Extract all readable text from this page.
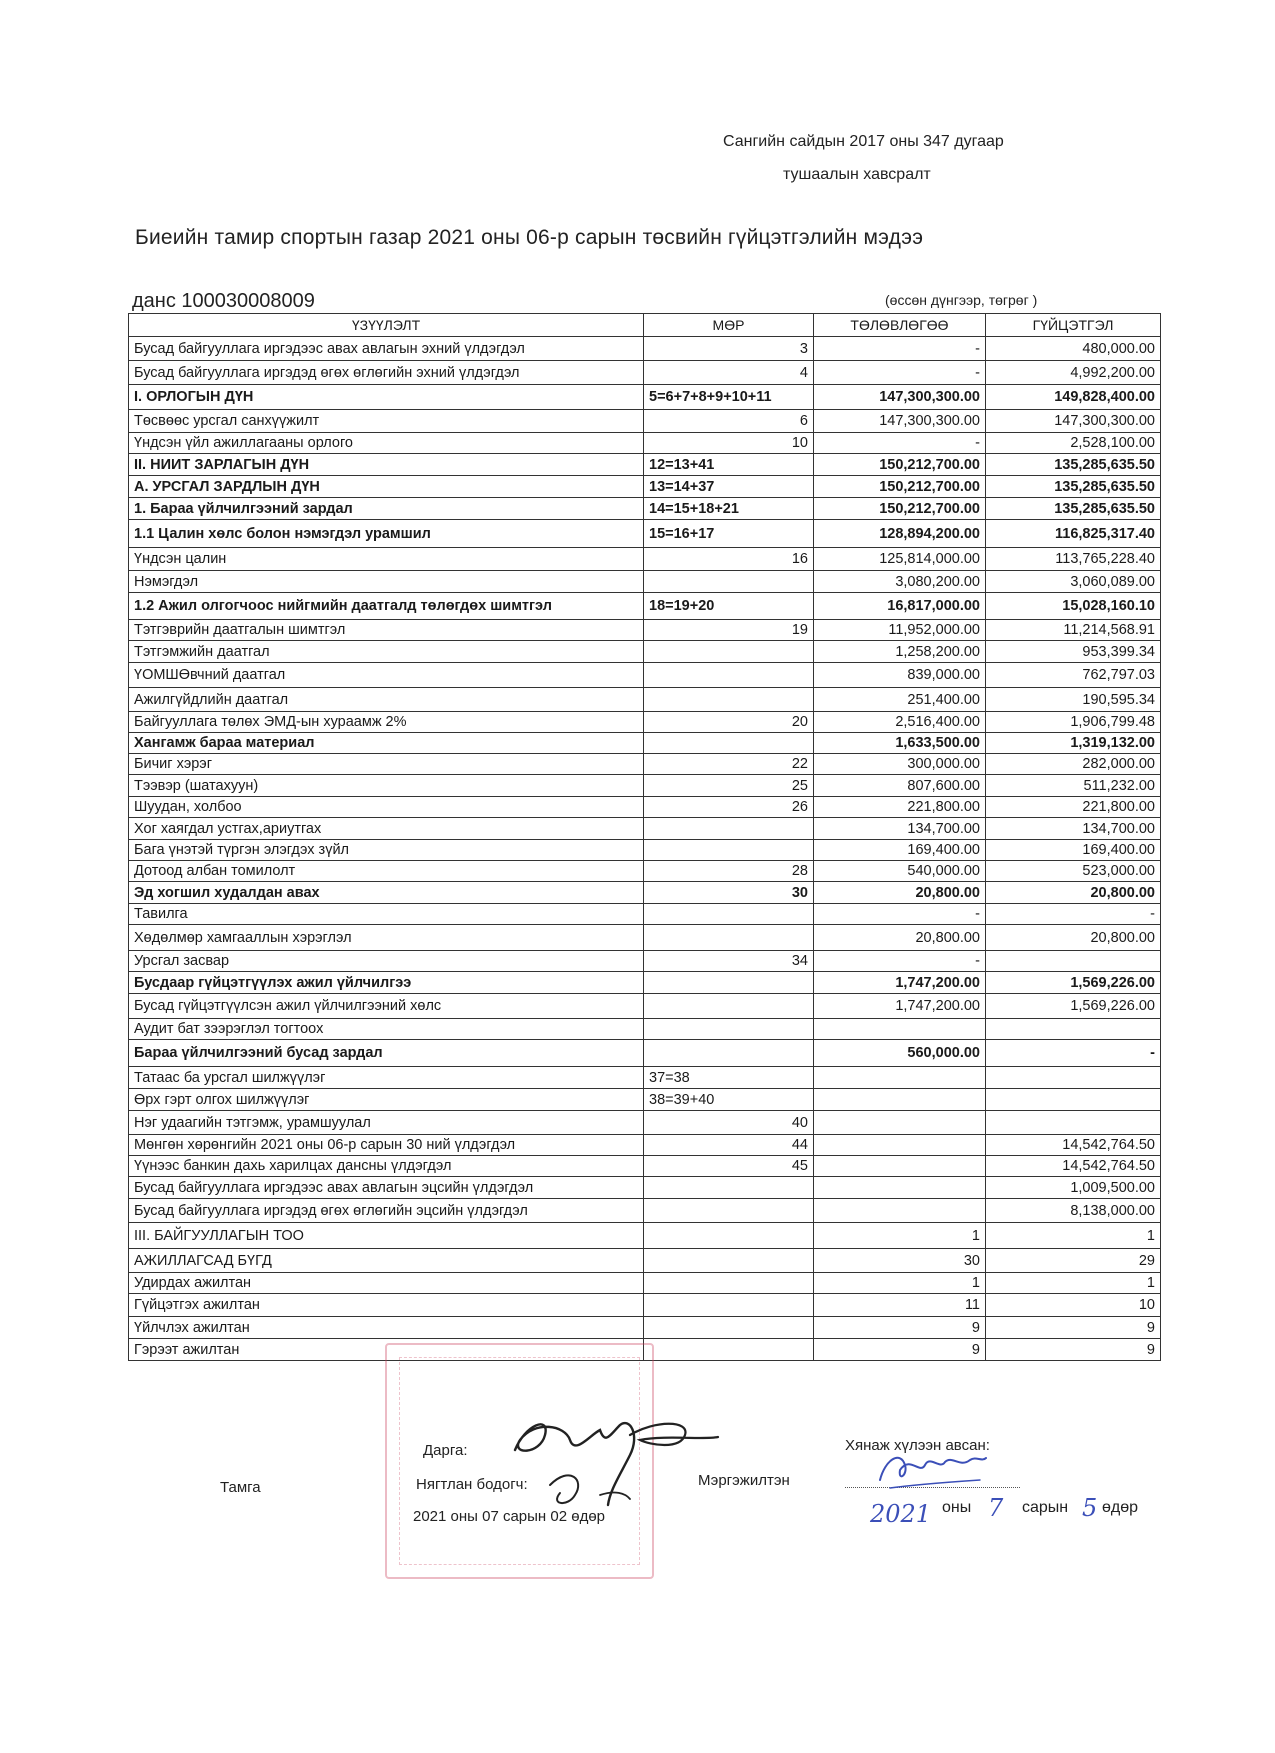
Сангийн сайдын 2017 оны 347 дугаар
тушаалын хавсралт
Биеийн тамир спортын газар 2021 оны 06-р сарын төсвийн гүйцэтгэлийн мэдээ
данс 100030008009	(өссөн дүнгээр, төгрөг )
ҮЗҮҮЛЭЛТ	МӨР	ТӨЛӨВЛӨГӨӨ	ГҮЙЦЭТГЭЛ
Бусад байгууллага иргэдээс авах авлагын эхний үлдэгдэл	3	-	480,000.00
Бусад байгууллага иргэдэд өгөх өглөгийн эхний үлдэгдэл	4	-	4,992,200.00
I. ОРЛОГЫН ДҮН	5=6+7+8+9+10+11	147,300,300.00	149,828,400.00
Төсвөөс урсгал санхүүжилт	6	147,300,300.00	147,300,300.00
Үндсэн үйл ажиллагааны орлого	10	-	2,528,100.00
II. НИИТ ЗАРЛАГЫН ДҮН	12=13+41	150,212,700.00	135,285,635.50
А. УРСГАЛ ЗАРДЛЫН ДҮН	13=14+37	150,212,700.00	135,285,635.50
1. Бараа үйлчилгээний зардал	14=15+18+21	150,212,700.00	135,285,635.50
1.1 Цалин хөлс болон нэмэгдэл урамшил	15=16+17	128,894,200.00	116,825,317.40
Үндсэн цалин	16	125,814,000.00	113,765,228.40
Нэмэгдэл		3,080,200.00	3,060,089.00
1.2 Ажил олгогчоос нийгмийн даатгалд төлөгдөх шимтгэл	18=19+20	16,817,000.00	15,028,160.10
Тэтгэврийн даатгалын шимтгэл	19	11,952,000.00	11,214,568.91
Тэтгэмжийн даатгал		1,258,200.00	953,399.34
ҮОМШӨвчний даатгал		839,000.00	762,797.03
Ажилгүйдлийн даатгал		251,400.00	190,595.34
Байгууллага төлөх ЭМД-ын хураамж 2%	20	2,516,400.00	1,906,799.48
Хангамж бараа материал		1,633,500.00	1,319,132.00
Бичиг хэрэг	22	300,000.00	282,000.00
Тээвэр (шатахуун)	25	807,600.00	511,232.00
Шуудан, холбоо	26	221,800.00	221,800.00
Хог хаягдал устгах,ариутгах		134,700.00	134,700.00
Бага үнэтэй түргэн элэгдэх зүйл		169,400.00	169,400.00
Дотоод албан томилолт	28	540,000.00	523,000.00
Эд хогшил худалдан авах	30	20,800.00	20,800.00
Тавилга		-	-
Хөдөлмөр хамгааллын хэрэглэл		20,800.00	20,800.00
Урсгал засвар	34	-	
Бусдаар гүйцэтгүүлэх ажил үйлчилгээ		1,747,200.00	1,569,226.00
Бусад гүйцэтгүүлсэн ажил үйлчилгээний хөлс		1,747,200.00	1,569,226.00
Аудит бат зээрэглэл тогтоох			
Бараа үйлчилгээний бусад зардал		560,000.00	-
Татаас ба урсгал шилжүүлэг	37=38		
Өрх гэрт олгох шилжүүлэг	38=39+40		
Нэг удаагийн тэтгэмж, урамшуулал	40		
Мөнгөн хөрөнгийн 2021 оны 06-р сарын 30 ний үлдэгдэл	44		14,542,764.50
Үүнээс банкин дахь харилцах дансны үлдэгдэл	45		14,542,764.50
Бусад байгууллага иргэдээс авах авлагын эцсийн үлдэгдэл			1,009,500.00
Бусад байгууллага иргэдэд өгөх өглөгийн эцсийн үлдэгдэл			8,138,000.00
III. БАЙГУУЛЛАГЫН ТОО		1	1
АЖИЛЛАГСАД БҮГД		30	29
Удирдах ажилтан		1	1
Гүйцэтгэх ажилтан		11	10
Үйлчлэх ажилтан		9	9
Гэрээт ажилтан		9	9
Дарга:
Нягтлан бодогч:
2021 оны 07 сарын 02 өдөр
Тамга	Мэргэжилтэн
Хянаж хүлээн авсан:
2021 оны 7 сарын 5 өдөр
